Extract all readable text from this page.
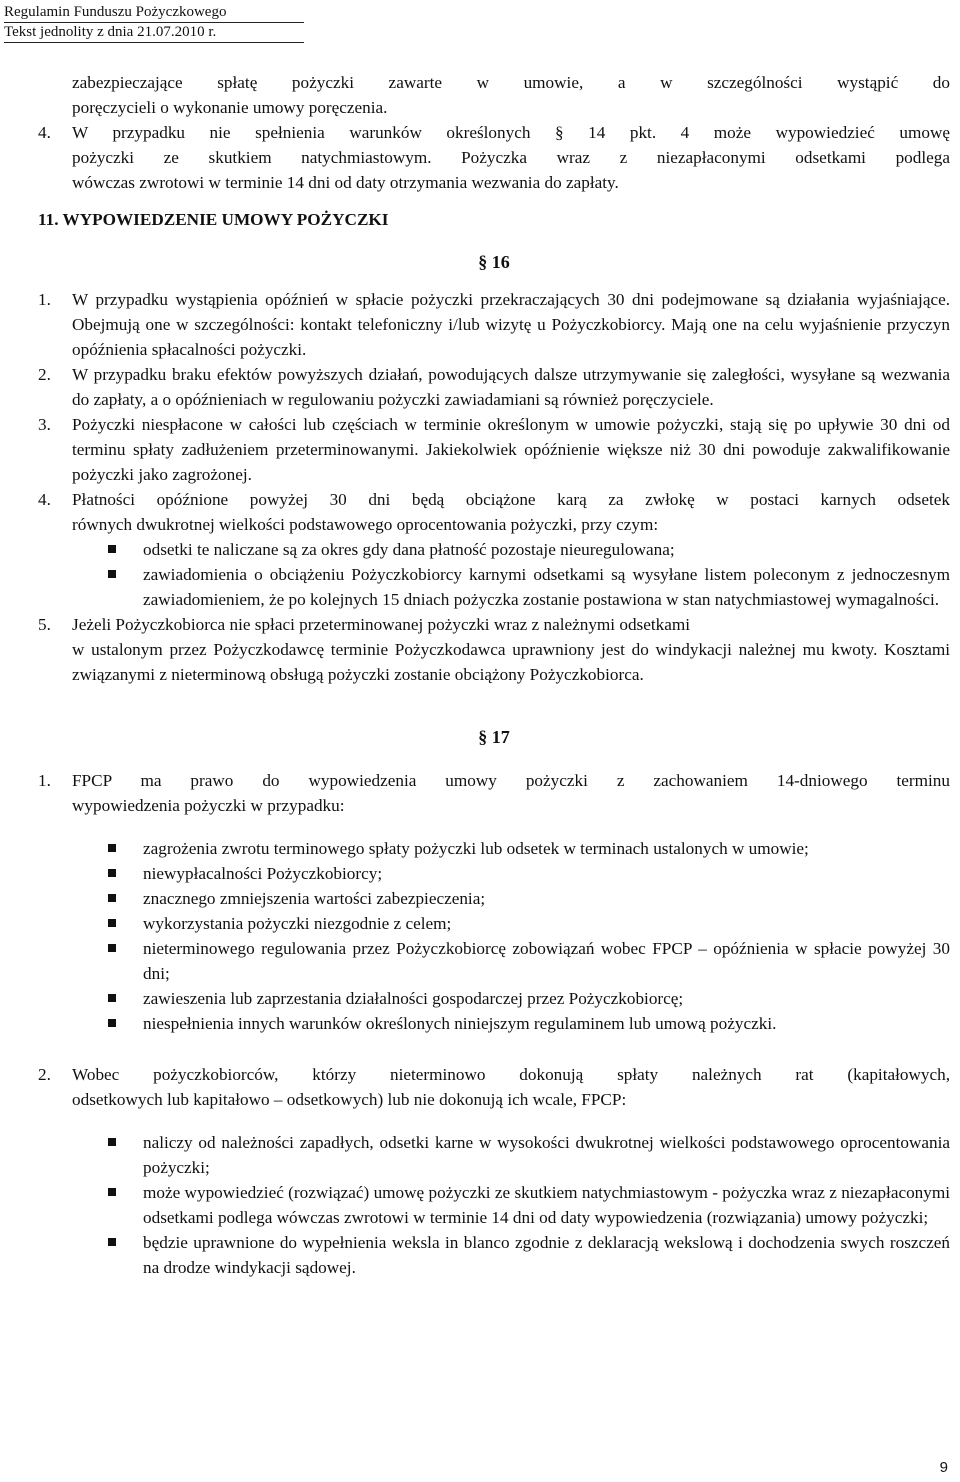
Regulamin Funduszu Pożyczkowego
Tekst jednolity z dnia 21.07.2010 r.
zabezpieczające spłatę pożyczki zawarte w umowie, a w szczególności wystąpić do
poręczycieli o wykonanie umowy poręczenia.
4.	W przypadku nie spełnienia warunków określonych § 14 pkt. 4 może wypowiedzieć umowę
pożyczki ze skutkiem natychmiastowym. Pożyczka wraz z niezapłaconymi odsetkami podlega
wówczas zwrotowi w terminie 14 dni od daty otrzymania wezwania do zapłaty.
11. WYPOWIEDZENIE UMOWY POŻYCZKI
§ 16
1.	W przypadku wystąpienia opóźnień w spłacie pożyczki przekraczających 30 dni podejmowane są działania wyjaśniające. Obejmują one w szczególności: kontakt telefoniczny i/lub wizytę u Pożyczkobiorcy. Mają one na celu wyjaśnienie przyczyn opóźnienia spłacalności pożyczki.
2.	W przypadku braku efektów powyższych działań, powodujących dalsze utrzymywanie się zaległości, wysyłane są wezwania do zapłaty, a o opóźnieniach w regulowaniu pożyczki zawiadamiani są również poręczyciele.
3.	Pożyczki niespłacone w całości lub częściach w terminie określonym w umowie pożyczki, stają się po upływie 30 dni od terminu spłaty zadłużeniem przeterminowanymi. Jakiekolwiek opóźnienie większe niż 30 dni powoduje zakwalifikowanie pożyczki jako zagrożonej.
4.	Płatności opóźnione powyżej 30 dni będą obciążone karą za zwłokę w postaci karnych odsetek
równych dwukrotnej wielkości podstawowego oprocentowania pożyczki, przy czym:
odsetki te naliczane są za okres gdy dana płatność pozostaje nieuregulowana;
zawiadomienia o obciążeniu Pożyczkobiorcy karnymi odsetkami są wysyłane listem poleconym z jednoczesnym zawiadomieniem, że po kolejnych 15 dniach pożyczka zostanie postawiona w stan natychmiastowej wymagalności.
5.	Jeżeli Pożyczkobiorca nie spłaci przeterminowanej pożyczki wraz z należnymi odsetkami
w ustalonym przez Pożyczkodawcę terminie Pożyczkodawca uprawniony jest do windykacji należnej mu kwoty. Kosztami związanymi z nieterminową obsługą pożyczki zostanie obciążony Pożyczkobiorca.
§ 17
1.	FPCP ma prawo do wypowiedzenia umowy pożyczki z zachowaniem 14-dniowego terminu
wypowiedzenia pożyczki w przypadku:
zagrożenia zwrotu terminowego spłaty pożyczki lub odsetek w terminach ustalonych w umowie;
niewypłacalności Pożyczkobiorcy;
znacznego zmniejszenia wartości zabezpieczenia;
wykorzystania pożyczki niezgodnie z celem;
nieterminowego regulowania przez Pożyczkobiorcę zobowiązań wobec FPCP – opóźnienia w spłacie powyżej 30 dni;
zawieszenia lub zaprzestania działalności gospodarczej przez Pożyczkobiorcę;
niespełnienia innych warunków określonych niniejszym regulaminem lub umową pożyczki.
2.	Wobec pożyczkobiorców, którzy nieterminowo dokonują spłaty należnych rat (kapitałowych,
odsetkowych lub kapitałowo – odsetkowych) lub nie dokonują ich wcale, FPCP:
naliczy od należności zapadłych, odsetki karne w wysokości dwukrotnej wielkości podstawowego oprocentowania pożyczki;
może wypowiedzieć (rozwiązać) umowę pożyczki ze skutkiem natychmiastowym - pożyczka wraz z niezapłaconymi odsetkami podlega wówczas zwrotowi w terminie 14 dni od daty wypowiedzenia (rozwiązania) umowy pożyczki;
będzie uprawnione do wypełnienia weksla in blanco zgodnie z deklaracją wekslową i dochodzenia swych roszczeń na drodze windykacji sądowej.
9
